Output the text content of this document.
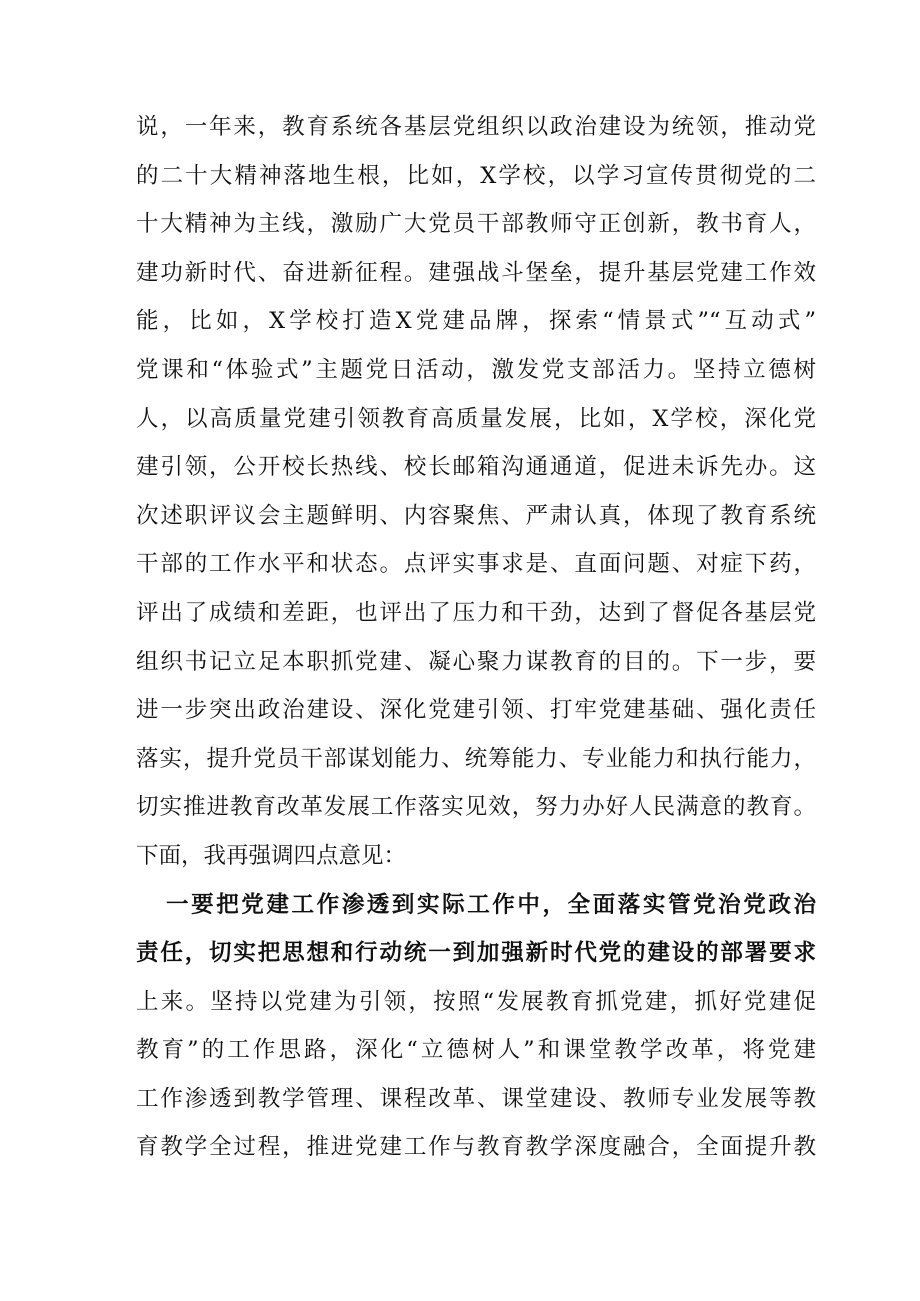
说，一年来，教育系统各基层党组织以政治建设为统领，推动党
的二十大精神落地生根，比如，X学校，以学习宣传贯彻党的二
十大精神为主线，激励广大党员干部教师守正创新，教书育人，
建功新时代、奋进新征程。建强战斗堡垒，提升基层党建工作效
能，比如，X学校打造X党建品牌，探索“情景式”“互动式”
党课和“体验式”主题党日活动，激发党支部活力。坚持立德树
人，以高质量党建引领教育高质量发展，比如，X学校，深化党
建引领，公开校长热线、校长邮箱沟通通道，促进未诉先办。这
次述职评议会主题鲜明、内容聚焦、严肃认真，体现了教育系统
干部的工作水平和状态。点评实事求是、直面问题、对症下药，
评出了成绩和差距，也评出了压力和干劲，达到了督促各基层党
组织书记立足本职抓党建、凝心聚力谋教育的目的。下一步，要
进一步突出政治建设、深化党建引领、打牢党建基础、强化责任
落实，提升党员干部谋划能力、统筹能力、专业能力和执行能力，
切实推进教育改革发展工作落实见效，努力办好人民满意的教育。
下面，我再强调四点意见：
一要把党建工作渗透到实际工作中，全面落实管党治党政治
责任，切实把思想和行动统一到加强新时代党的建设的部署要求
上来。坚持以党建为引领，按照“发展教育抓党建，抓好党建促
教育”的工作思路，深化“立德树人”和课堂教学改革，将党建
工作渗透到教学管理、课程改革、课堂建设、教师专业发展等教
育教学全过程，推进党建工作与教育教学深度融合，全面提升教
